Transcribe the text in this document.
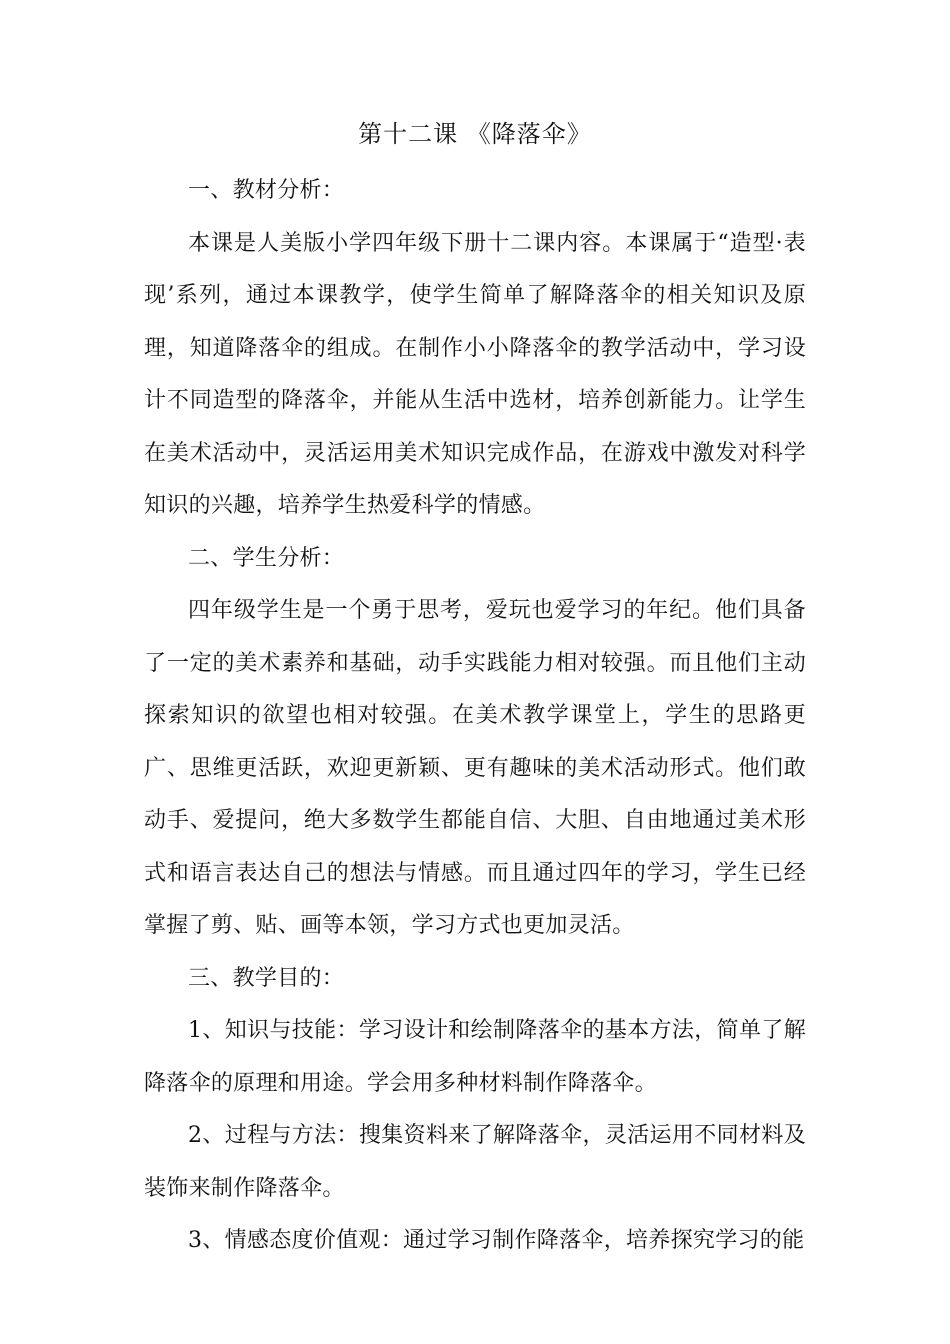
第十二课 《降落伞》

一、教材分析：

本课是人美版小学四年级下册十二课内容。本课属于“造型·表现’系列，通过本课教学，使学生简单了解降落伞的相关知识及原理，知道降落伞的组成。在制作小小降落伞的教学活动中，学习设计不同造型的降落伞，并能从生活中选材，培养创新能力。让学生在美术活动中，灵活运用美术知识完成作品，在游戏中激发对科学知识的兴趣，培养学生热爱科学的情感。

二、学生分析：

四年级学生是一个勇于思考，爱玩也爱学习的年纪。他们具备了一定的美术素养和基础，动手实践能力相对较强。而且他们主动探索知识的欲望也相对较强。在美术教学课堂上，学生的思路更广、思维更活跃，欢迎更新颖、更有趣味的美术活动形式。他们敢动手、爱提问，绝大多数学生都能自信、大胆、自由地通过美术形式和语言表达自己的想法与情感。而且通过四年的学习，学生已经掌握了剪、贴、画等本领，学习方式也更加灵活。

三、教学目的：

1、知识与技能：学习设计和绘制降落伞的基本方法，简单了解降落伞的原理和用途。学会用多种材料制作降落伞。

2、过程与方法：搜集资料来了解降落伞，灵活运用不同材料及装饰来制作降落伞。

3、情感态度价值观：通过学习制作降落伞，培养探究学习的能
